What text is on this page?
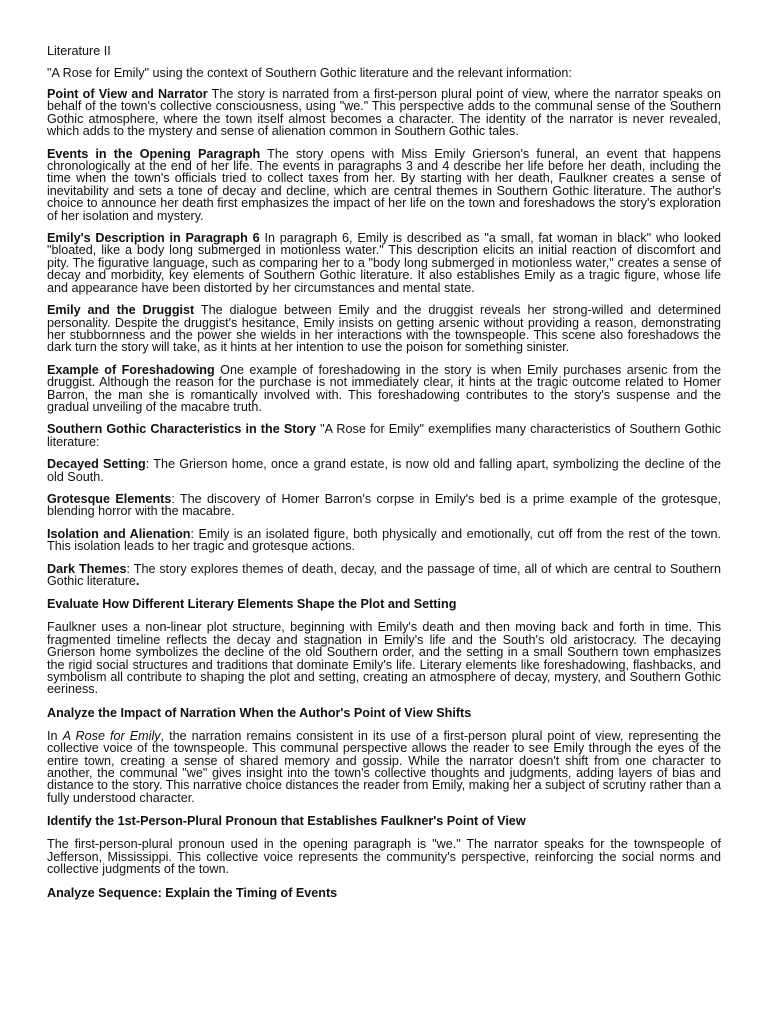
Literature II

"A Rose for Emily" using the context of Southern Gothic literature and the relevant information:

Point of View and Narrator The story is narrated from a first-person plural point of view, where the narrator speaks on behalf of the town's collective consciousness, using "we." This perspective adds to the communal sense of the Southern Gothic atmosphere, where the town itself almost becomes a character. The identity of the narrator is never revealed, which adds to the mystery and sense of alienation common in Southern Gothic tales.

Events in the Opening Paragraph The story opens with Miss Emily Grierson's funeral, an event that happens chronologically at the end of her life. The events in paragraphs 3 and 4 describe her life before her death, including the time when the town's officials tried to collect taxes from her. By starting with her death, Faulkner creates a sense of inevitability and sets a tone of decay and decline, which are central themes in Southern Gothic literature. The author's choice to announce her death first emphasizes the impact of her life on the town and foreshadows the story's exploration of her isolation and mystery.

Emily's Description in Paragraph 6 In paragraph 6, Emily is described as "a small, fat woman in black" who looked "bloated, like a body long submerged in motionless water." This description elicits an initial reaction of discomfort and pity. The figurative language, such as comparing her to a "body long submerged in motionless water," creates a sense of decay and morbidity, key elements of Southern Gothic literature. It also establishes Emily as a tragic figure, whose life and appearance have been distorted by her circumstances and mental state.

Emily and the Druggist The dialogue between Emily and the druggist reveals her strong-willed and determined personality. Despite the druggist's hesitance, Emily insists on getting arsenic without providing a reason, demonstrating her stubbornness and the power she wields in her interactions with the townspeople. This scene also foreshadows the dark turn the story will take, as it hints at her intention to use the poison for something sinister.

Example of Foreshadowing One example of foreshadowing in the story is when Emily purchases arsenic from the druggist. Although the reason for the purchase is not immediately clear, it hints at the tragic outcome related to Homer Barron, the man she is romantically involved with. This foreshadowing contributes to the story's suspense and the gradual unveiling of the macabre truth.

Southern Gothic Characteristics in the Story "A Rose for Emily" exemplifies many characteristics of Southern Gothic literature:

Decayed Setting: The Grierson home, once a grand estate, is now old and falling apart, symbolizing the decline of the old South.

Grotesque Elements: The discovery of Homer Barron's corpse in Emily's bed is a prime example of the grotesque, blending horror with the macabre.

Isolation and Alienation: Emily is an isolated figure, both physically and emotionally, cut off from the rest of the town. This isolation leads to her tragic and grotesque actions.

Dark Themes: The story explores themes of death, decay, and the passage of time, all of which are central to Southern Gothic literature.

Evaluate How Different Literary Elements Shape the Plot and Setting

Faulkner uses a non-linear plot structure, beginning with Emily's death and then moving back and forth in time. This fragmented timeline reflects the decay and stagnation in Emily's life and the South's old aristocracy. The decaying Grierson home symbolizes the decline of the old Southern order, and the setting in a small Southern town emphasizes the rigid social structures and traditions that dominate Emily's life. Literary elements like foreshadowing, flashbacks, and symbolism all contribute to shaping the plot and setting, creating an atmosphere of decay, mystery, and Southern Gothic eeriness.

Analyze the Impact of Narration When the Author's Point of View Shifts

In A Rose for Emily, the narration remains consistent in its use of a first-person plural point of view, representing the collective voice of the townspeople. This communal perspective allows the reader to see Emily through the eyes of the entire town, creating a sense of shared memory and gossip. While the narrator doesn't shift from one character to another, the communal "we" gives insight into the town's collective thoughts and judgments, adding layers of bias and distance to the story. This narrative choice distances the reader from Emily, making her a subject of scrutiny rather than a fully understood character.

Identify the 1st-Person-Plural Pronoun that Establishes Faulkner's Point of View

The first-person-plural pronoun used in the opening paragraph is "we." The narrator speaks for the townspeople of Jefferson, Mississippi. This collective voice represents the community's perspective, reinforcing the social norms and collective judgments of the town.

Analyze Sequence: Explain the Timing of Events
